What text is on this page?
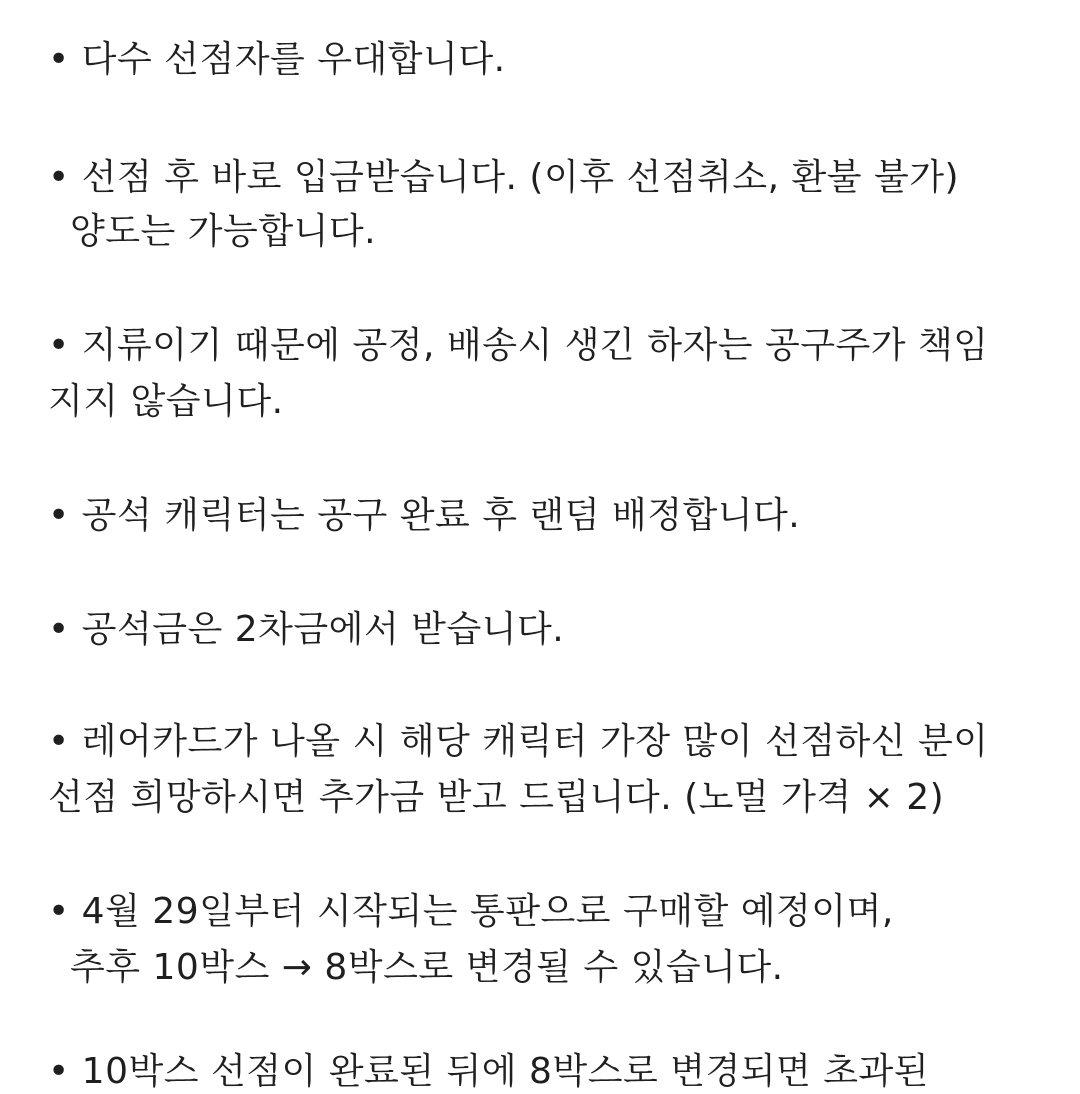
• 다수 선점자를 우대합니다.
• 선점 후 바로 입금받습니다. (이후 선점취소, 환불 불가)
양도는 가능합니다.
• 지류이기 때문에 공정, 배송시 생긴 하자는 공구주가 책임
지지 않습니다.
• 공석 캐릭터는 공구 완료 후 랜덤 배정합니다.
• 공석금은 2차금에서 받습니다.
• 레어카드가 나올 시 해당 캐릭터 가장 많이 선점하신 분이
선점 희망하시면 추가금 받고 드립니다. (노멀 가격 × 2)
• 4월 29일부터 시작되는 통판으로 구매할 예정이며,
추후 10박스 → 8박스로 변경될 수 있습니다.
• 10박스 선점이 완료된 뒤에 8박스로 변경되면 초과된
